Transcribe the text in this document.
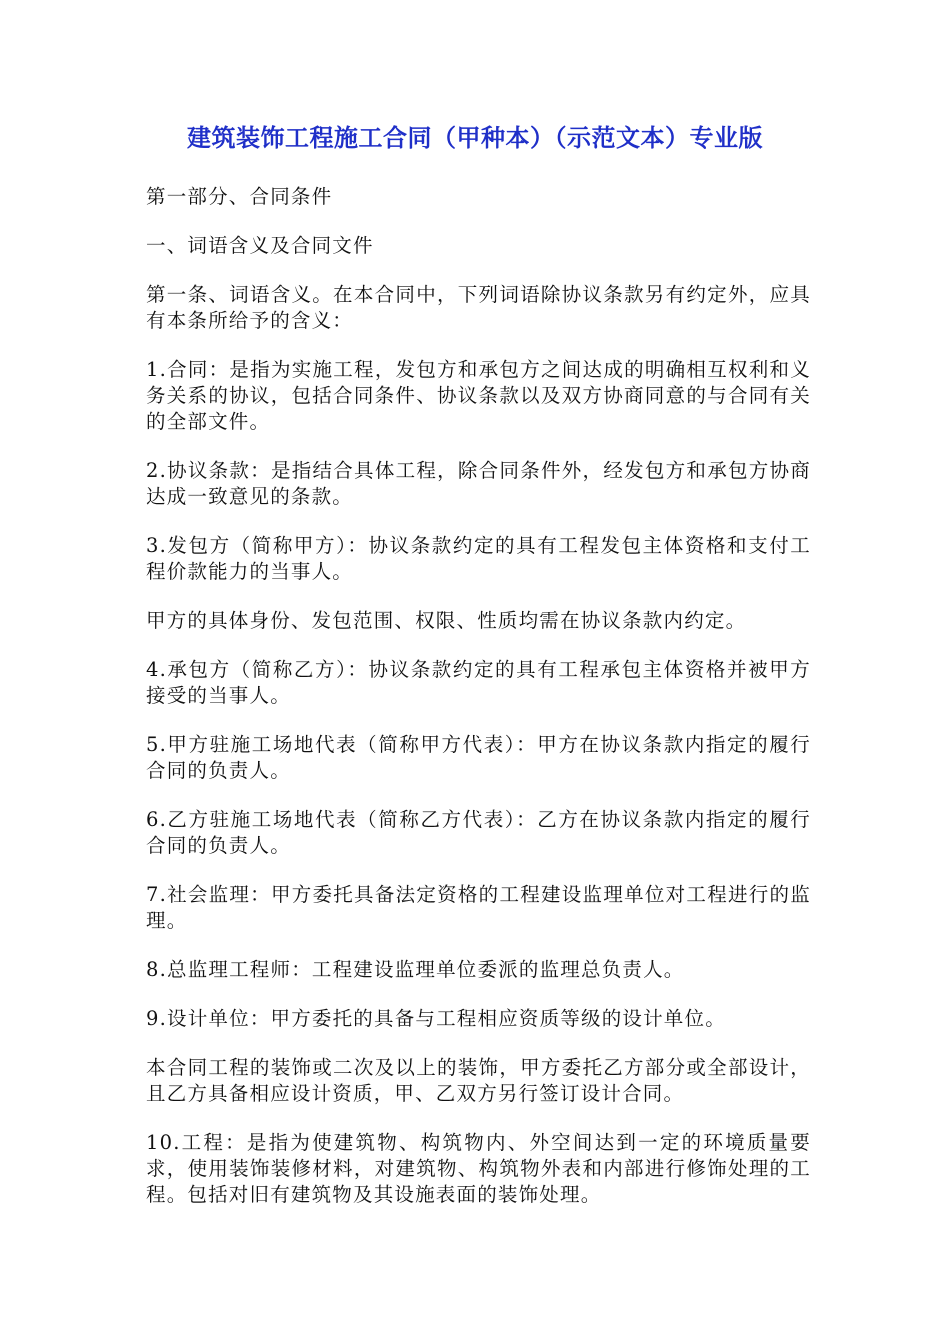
建筑装饰工程施工合同（甲种本）（示范文本）专业版

第一部分、合同条件

一、词语含义及合同文件

第一条、词语含义。在本合同中，下列词语除协议条款另有约定外，应具有本条所给予的含义：

1.合同：是指为实施工程，发包方和承包方之间达成的明确相互权利和义务关系的协议，包括合同条件、协议条款以及双方协商同意的与合同有关的全部文件。

2.协议条款：是指结合具体工程，除合同条件外，经发包方和承包方协商达成一致意见的条款。

3.发包方（简称甲方）：协议条款约定的具有工程发包主体资格和支付工程价款能力的当事人。

甲方的具体身份、发包范围、权限、性质均需在协议条款内约定。

4.承包方（简称乙方）：协议条款约定的具有工程承包主体资格并被甲方接受的当事人。

5.甲方驻施工场地代表（简称甲方代表）：甲方在协议条款内指定的履行合同的负责人。

6.乙方驻施工场地代表（简称乙方代表）：乙方在协议条款内指定的履行合同的负责人。

7.社会监理：甲方委托具备法定资格的工程建设监理单位对工程进行的监理。

8.总监理工程师：工程建设监理单位委派的监理总负责人。

9.设计单位：甲方委托的具备与工程相应资质等级的设计单位。

本合同工程的装饰或二次及以上的装饰，甲方委托乙方部分或全部设计，且乙方具备相应设计资质，甲、乙双方另行签订设计合同。

10.工程：是指为使建筑物、构筑物内、外空间达到一定的环境质量要求，使用装饰装修材料，对建筑物、构筑物外表和内部进行修饰处理的工程。包括对旧有建筑物及其设施表面的装饰处理。
